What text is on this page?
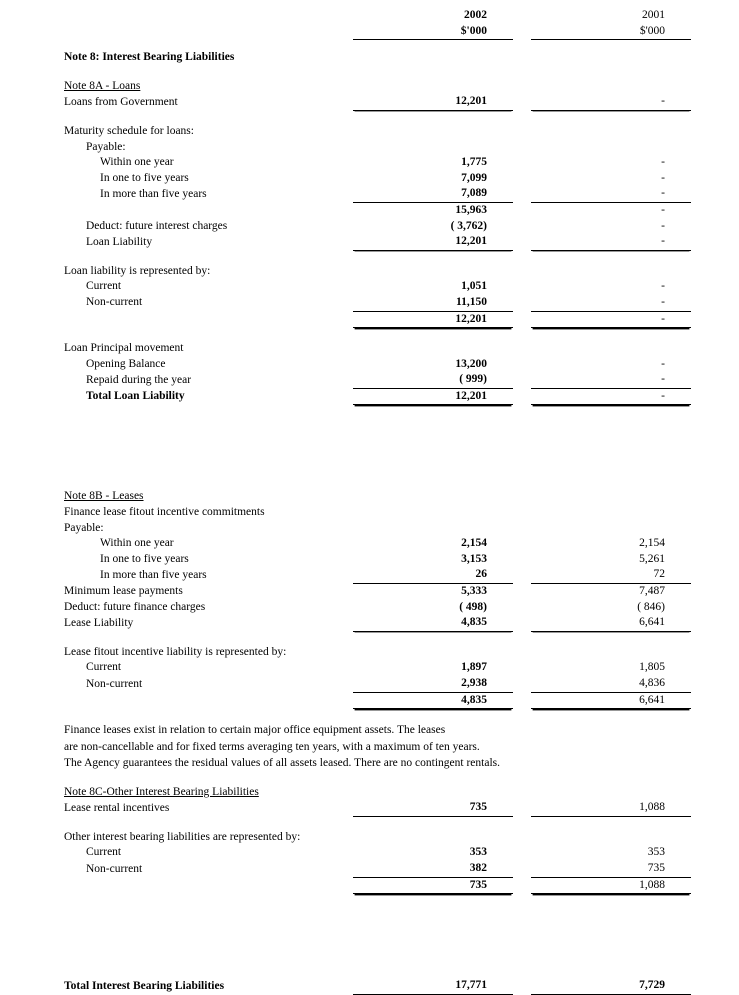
	2002		2001	
	$'000		$'000	

Note 8: Interest Bearing Liabilities				

Note 8A - Loans				
Loans from Government	12,201		-	

Maturity schedule for loans:				
Payable:				
Within one year	1,775		-	
In one to five years	7,099		-	
In more than five years	7,089		-	
	15,963		-	
Deduct: future interest charges	( 3,762)		-	
Loan Liability	12,201		-	

Loan liability is represented by:				
Current	1,051		-	
Non-current	11,150		-	
	12,201		-	

Loan Principal movement				
Opening Balance	13,200		-	
Repaid during the year	( 999)		-	
Total Loan Liability	12,201		-	

Note 8B - Leases				
Finance lease fitout incentive commitments				
Payable:				
Within one year	2,154		2,154	
In one to five years	3,153		5,261	
In more than five years	26		72	
Minimum lease payments	5,333		7,487	
Deduct: future finance charges	( 498)		( 846)	
Lease Liability	4,835		6,641	

Lease fitout incentive liability is represented by:				
Current	1,897		1,805	
Non-current	2,938		4,836	
	4,835		6,641	

Finance leases exist in relation to certain major office equipment assets. The leases				
are non-cancellable and for fixed terms averaging ten years, with a maximum of ten years.				
The Agency guarantees the residual values of all assets leased. There are no contingent rentals.				

Note 8C-Other Interest Bearing Liabilities				
Lease rental incentives	735		1,088	

Other interest bearing liabilities are represented by:				
Current	353		353	
Non-current	382		735	
	735		1,088	

Total Interest Bearing Liabilities	17,771		7,729	
